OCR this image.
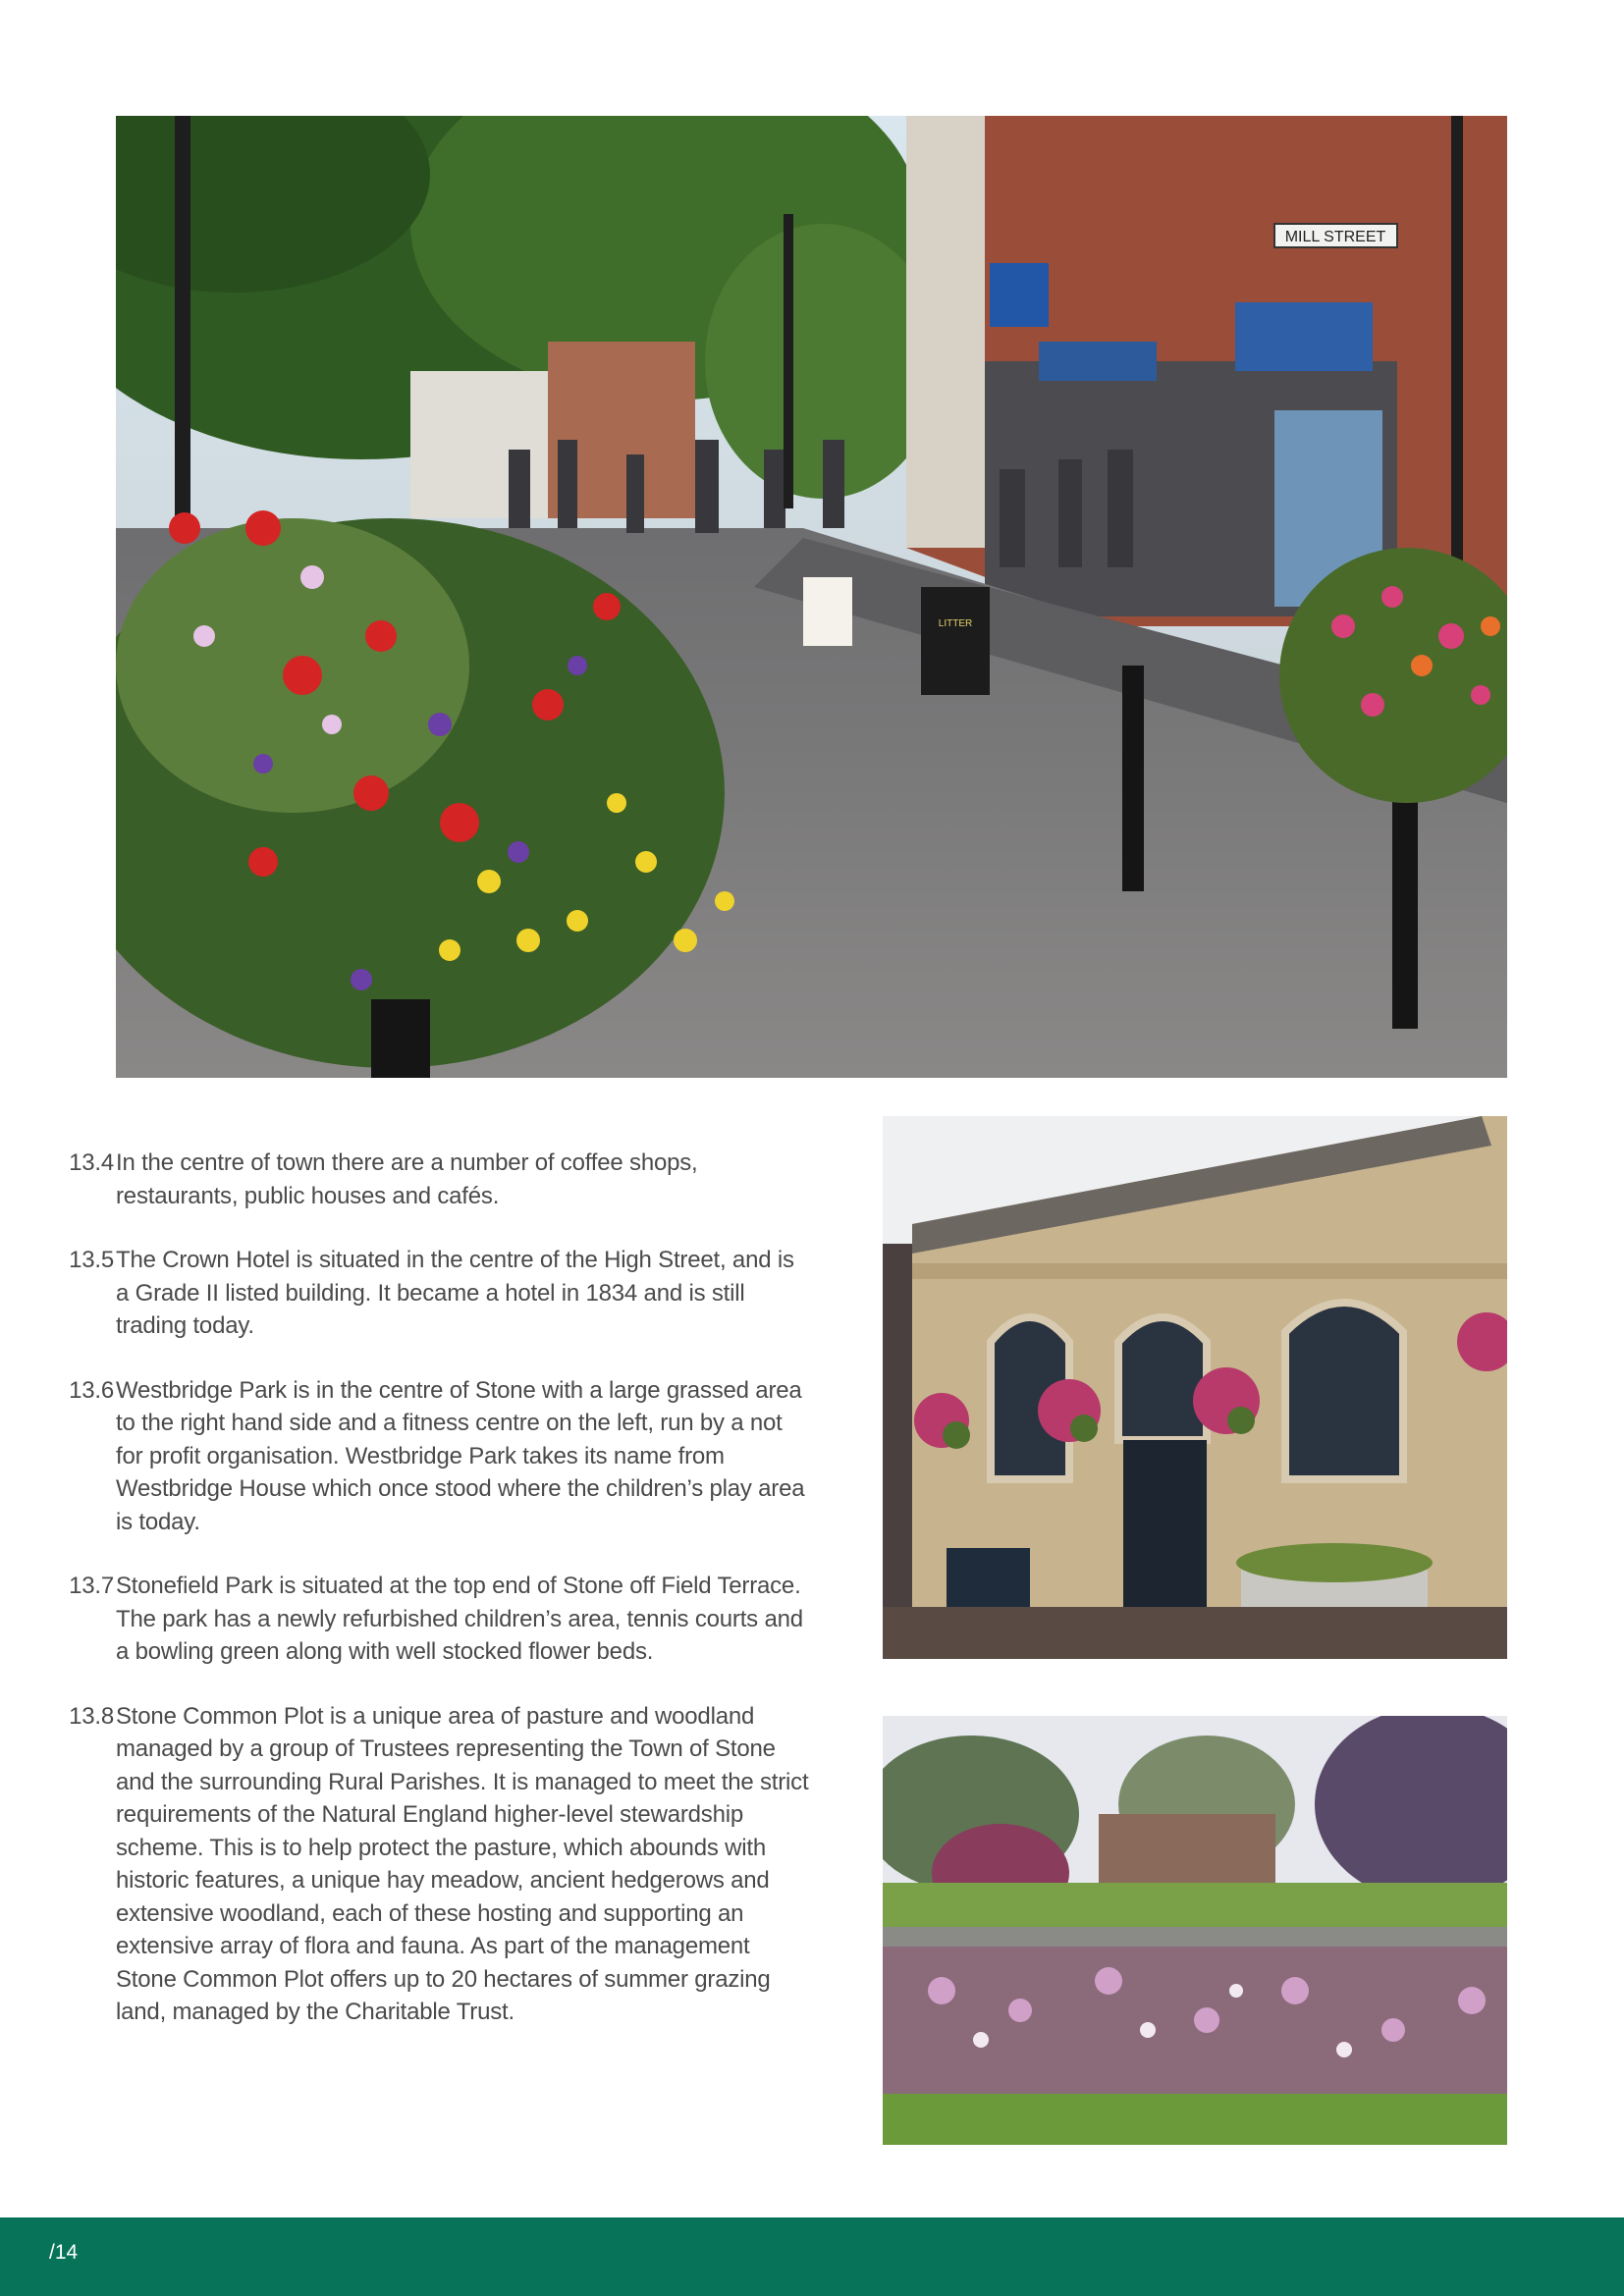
MILL STREET
LITTER
13.4 In the centre of town there are a number of coffee shops, restaurants, public houses and cafés.
13.5 The Crown Hotel is situated in the centre of the High Street, and is a Grade II listed building. It became a hotel in 1834 and is still trading today.
13.6 Westbridge Park is in the centre of Stone with a large grassed area to the right hand side and a fitness centre on the left, run by a not for profit organisation. Westbridge Park takes its name from Westbridge House which once stood where the children’s play area is today.
13.7 Stonefield Park is situated at the top end of Stone off Field Terrace. The park has a newly refurbished children’s area, tennis courts and a bowling green along with well stocked flower beds.
13.8 Stone Common Plot is a unique area of pasture and woodland managed by a group of Trustees representing the Town of Stone and the surrounding Rural Parishes. It is managed to meet the strict requirements of the Natural England higher-level stewardship scheme. This is to help protect the pasture, which abounds with historic features, a unique hay meadow, ancient hedgerows and extensive woodland, each of these hosting and supporting an extensive array of flora and fauna. As part of the management Stone Common Plot offers up to 20 hectares of summer grazing land, managed by the Charitable Trust.
/14
